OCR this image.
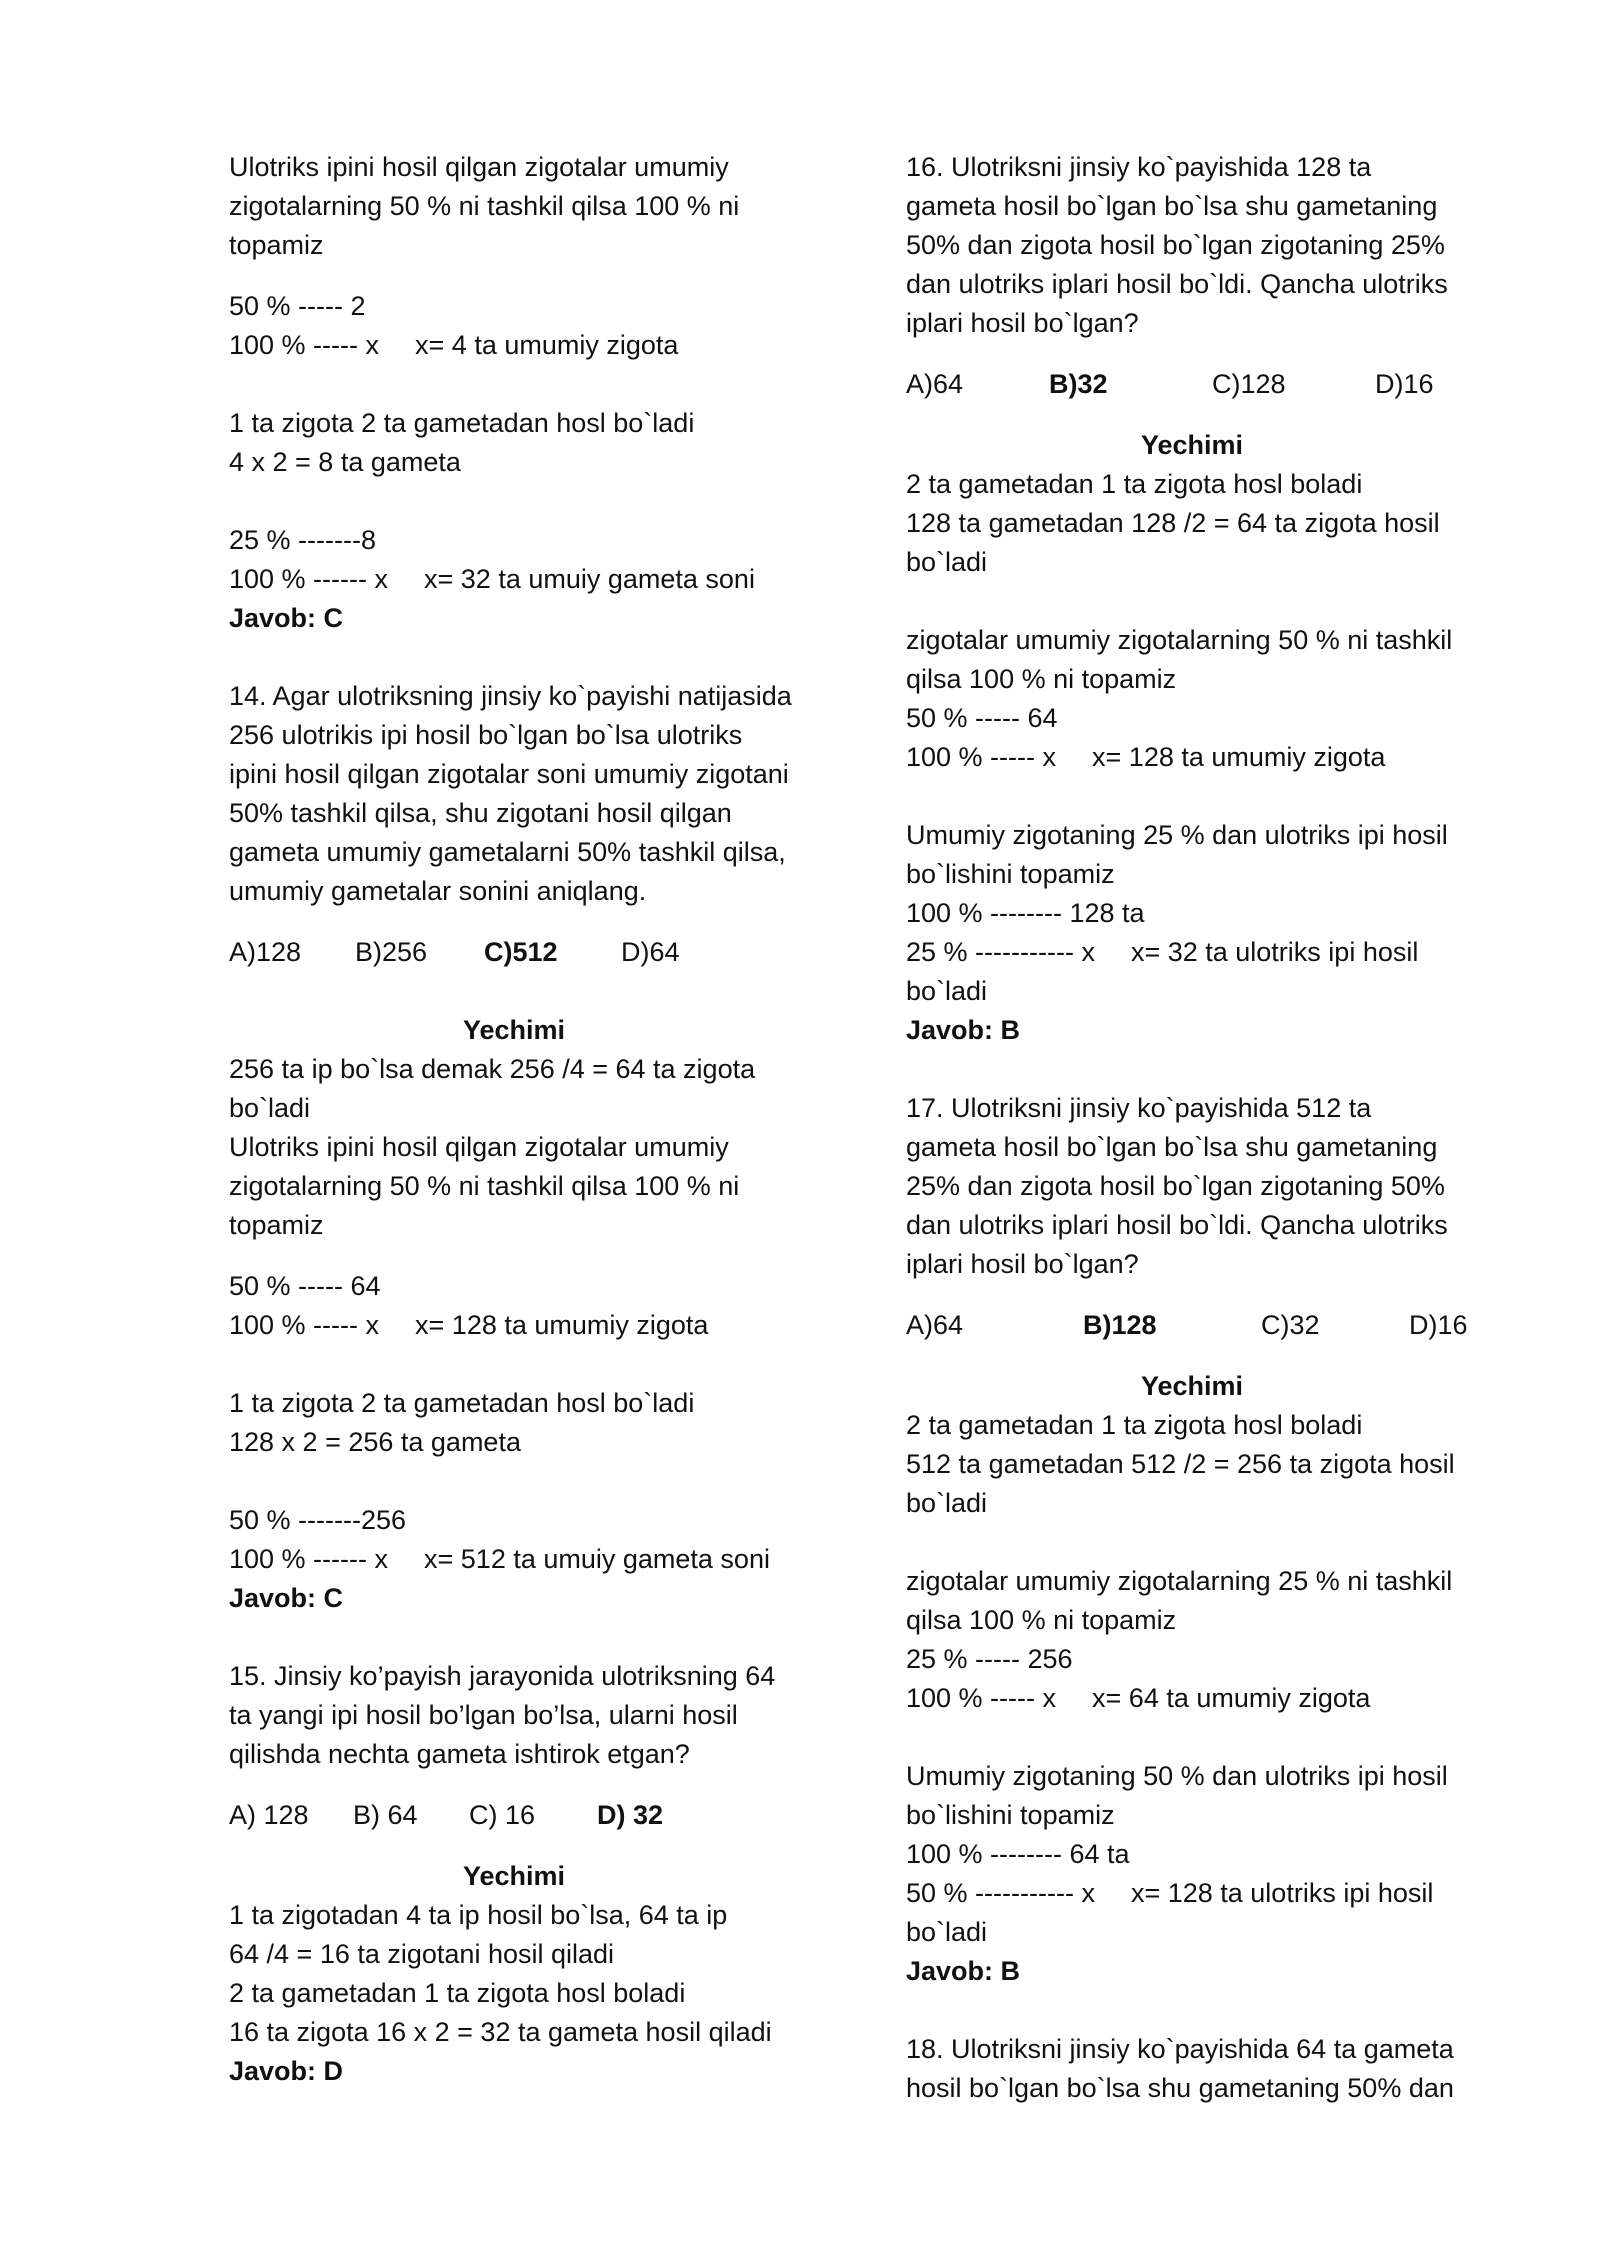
Ulotriks ipini hosil qilgan zigotalar umumiy
zigotalarning 50 % ni tashkil qilsa 100 % ni
topamiz
50 % ----- 2
100 % ----- x x= 4 ta umumiy zigota
1 ta zigota 2 ta gametadan hosl bo`ladi
4 x 2 = 8 ta gameta
25 % -------8
100 % ------ x x= 32 ta umuiy gameta soni
Javob: C
14. Agar ulotriksning jinsiy ko`payishi natijasida
256 ulotrikis ipi hosil bo`lgan bo`lsa ulotriks
ipini hosil qilgan zigotalar soni umumiy zigotani
50% tashkil qilsa, shu zigotani hosil qilgan
gameta umumiy gametalarni 50% tashkil qilsa,
umumiy gametalar sonini aniqlang.
A)128	B)256	C)512	D)64
Yechimi
256 ta ip bo`lsa demak 256 /4 = 64 ta zigota
bo`ladi
Ulotriks ipini hosil qilgan zigotalar umumiy
zigotalarning 50 % ni tashkil qilsa 100 % ni
topamiz
50 % ----- 64
100 % ----- x x= 128 ta umumiy zigota
1 ta zigota 2 ta gametadan hosl bo`ladi
128 x 2 = 256 ta gameta
50 % -------256
100 % ------ x x= 512 ta umuiy gameta soni
Javob: C
15. Jinsiy ko’payish jarayonida ulotriksning 64
ta yangi ipi hosil bo’lgan bo’lsa, ularni hosil
qilishda nechta gameta ishtirok etgan?
A) 128	B) 64	C) 16	D) 32
Yechimi
1 ta zigotadan 4 ta ip hosil bo`lsa, 64 ta ip
64 /4 = 16 ta zigotani hosil qiladi
2 ta gametadan 1 ta zigota hosl boladi
16 ta zigota 16 x 2 = 32 ta gameta hosil qiladi
Javob: D
16. Ulotriksni jinsiy ko`payishida 128 ta
gameta hosil bo`lgan bo`lsa shu gametaning
50% dan zigota hosil bo`lgan zigotaning 25%
dan ulotriks iplari hosil bo`ldi. Qancha ulotriks
iplari hosil bo`lgan?
A)64	B)32	C)128	D)16
Yechimi
2 ta gametadan 1 ta zigota hosl boladi
128 ta gametadan 128 /2 = 64 ta zigota hosil
bo`ladi
zigotalar umumiy zigotalarning 50 % ni tashkil
qilsa 100 % ni topamiz
50 % ----- 64
100 % ----- x x= 128 ta umumiy zigota
Umumiy zigotaning 25 % dan ulotriks ipi hosil
bo`lishini topamiz
100 % -------- 128 ta
25 % ----------- x x= 32 ta ulotriks ipi hosil
bo`ladi
Javob: B
17. Ulotriksni jinsiy ko`payishida 512 ta
gameta hosil bo`lgan bo`lsa shu gametaning
25% dan zigota hosil bo`lgan zigotaning 50%
dan ulotriks iplari hosil bo`ldi. Qancha ulotriks
iplari hosil bo`lgan?
A)64	B)128	C)32	D)16
Yechimi
2 ta gametadan 1 ta zigota hosl boladi
512 ta gametadan 512 /2 = 256 ta zigota hosil
bo`ladi
zigotalar umumiy zigotalarning 25 % ni tashkil
qilsa 100 % ni topamiz
25 % ----- 256
100 % ----- x x= 64 ta umumiy zigota
Umumiy zigotaning 50 % dan ulotriks ipi hosil
bo`lishini topamiz
100 % -------- 64 ta
50 % ----------- x x= 128 ta ulotriks ipi hosil
bo`ladi
Javob: B
18. Ulotriksni jinsiy ko`payishida 64 ta gameta
hosil bo`lgan bo`lsa shu gametaning 50% dan
